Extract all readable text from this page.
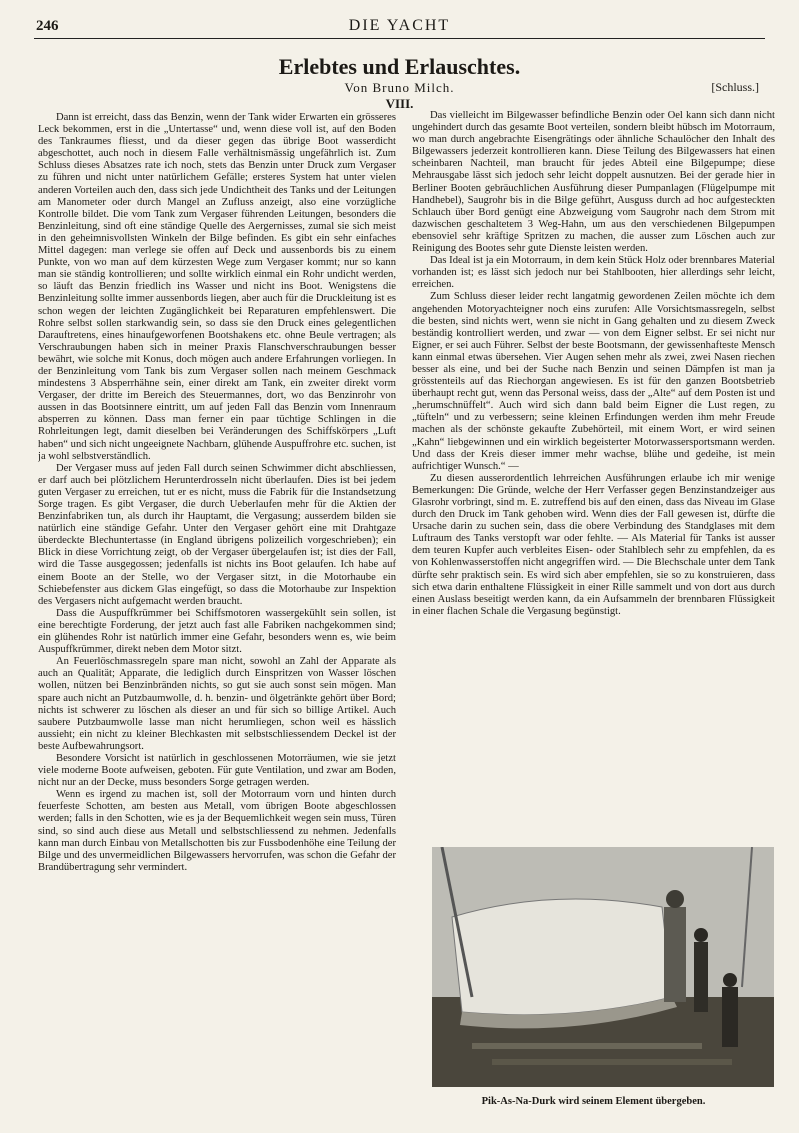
246	DIE YACHT
Erlebtes und Erlauschtes.
Von Bruno Milch.	[Schluss.]
VIII.

Dann ist erreicht, dass das Benzin, wenn der Tank wider Erwarten ein grösseres Leck bekommen, erst in die „Untertasse“ und, wenn diese voll ist, auf den Boden des Tankraumes fliesst, und da dieser gegen das übrige Boot wasserdicht abgeschottet, auch noch in diesem Falle verhältnismässig ungefährlich ist. Zum Schluss dieses Absatzes rate ich noch, stets das Benzin unter Druck zum Vergaser zu führen und nicht unter natürlichem Gefälle; ersteres System hat unter vielen anderen Vorteilen auch den, dass sich jede Undichtheit des Tanks und der Leitungen am Manometer oder durch Mangel an Zufluss anzeigt, also eine vorzügliche Kontrolle bildet. Die vom Tank zum Vergaser führenden Leitungen, besonders die Benzinleitung, sind oft eine ständige Quelle des Aergernisses, zumal sie sich meist in den geheimnisvollsten Winkeln der Bilge befinden. Es gibt ein sehr einfaches Mittel dagegen: man verlege sie offen auf Deck und aussenbords bis zu einem Punkte, von wo man auf dem kürzesten Wege zum Vergaser kommt; nur so kann man sie ständig kontrollieren; und sollte wirklich einmal ein Rohr undicht werden, so läuft das Benzin friedlich ins Wasser und nicht ins Boot. Wenigstens die Benzinleitung sollte immer aussenbords liegen, aber auch für die Druckleitung ist es schon wegen der leichten Zugänglichkeit bei Reparaturen empfehlenswert. Die Rohre selbst sollen starkwandig sein, so dass sie den Druck eines gelegentlichen Darauftretens, eines hinaufgeworfenen Bootshakens etc. ohne Beule vertragen; als Verschraubungen haben sich in meiner Praxis Flanschverschraubungen besser bewährt, wie solche mit Konus, doch mögen auch andere Erfahrungen vorliegen. In der Benzinleitung vom Tank bis zum Vergaser sollen nach meinem Geschmack mindestens 3 Absperrhähne sein, einer direkt am Tank, ein zweiter direkt vorm Vergaser, der dritte im Bereich des Steuermannes, dort, wo das Benzinrohr von aussen in das Bootsinnere eintritt, um auf jeden Fall das Benzin vom Innenraum absperren zu können. Dass man ferner ein paar tüchtige Schlingen in die Rohrleitungen legt, damit dieselben bei Veränderungen des Schiffskörpers „Luft haben“ und sich nicht ungeeignete Nachbarn, glühende Auspuffrohre etc. suchen, ist ja wohl selbstverständlich.

Der Vergaser muss auf jeden Fall durch seinen Schwimmer dicht abschliessen, er darf auch bei plötzlichem Herunterdrosseln nicht überlaufen. Dies ist bei jedem guten Vergaser zu erreichen, tut er es nicht, muss die Fabrik für die Instandsetzung Sorge tragen. Es gibt Vergaser, die durch Ueberlaufen mehr für die Aktien der Benzinfabriken tun, als durch ihr Hauptamt, die Vergasung; ausserdem bilden sie natürlich eine ständige Gefahr. Unter den Vergaser gehört eine mit Drahtgaze überdeckte Blechuntertasse (in England übrigens polizeilich vorgeschrieben); ein Blick in diese Vorrichtung zeigt, ob der Vergaser übergelaufen ist; ist dies der Fall, wird die Tasse ausgegossen; jedenfalls ist nichts ins Boot gelaufen. Ich habe auf einem Boote an der Stelle, wo der Vergaser sitzt, in die Motorhaube ein Schiebefenster aus dickem Glas eingefügt, so dass die Motorhaube zur Inspektion des Vergasers nicht aufgemacht werden braucht.

Dass die Auspuffkrümmer bei Schiffsmotoren wassergekühlt sein sollen, ist eine berechtigte Forderung, der jetzt auch fast alle Fabriken nachgekommen sind; ein glühendes Rohr ist natürlich immer eine Gefahr, besonders wenn es, wie beim Auspuffkrümmer, direkt neben dem Motor sitzt.

An Feuerlöschmassregeln spare man nicht, sowohl an Zahl der Apparate als auch an Qualität; Apparate, die lediglich durch Einspritzen von Wasser löschen wollen, nützen bei Benzinbränden nichts, so gut sie auch sonst sein mögen. Man spare auch nicht an Putzbaumwolle, d. h. benzin- und ölgetränkte gehört über Bord; nichts ist schwerer zu löschen als dieser an und für sich so billige Artikel. Auch saubere Putzbaumwolle lasse man nicht herumliegen, schon weil es hässlich aussieht; ein nicht zu kleiner Blechkasten mit selbstschliessendem Deckel ist der beste Aufbewahrungsort.

Besondere Vorsicht ist natürlich in geschlossenen Motorräumen, wie sie jetzt viele moderne Boote aufweisen, geboten. Für gute Ventilation, und zwar am Boden, nicht nur an der Decke, muss besonders Sorge getragen werden.

Wenn es irgend zu machen ist, soll der Motorraum vorn und hinten durch feuerfeste Schotten, am besten aus Metall, vom übrigen Boote abgeschlossen werden; falls in den Schotten, wie es ja der Bequemlichkeit wegen sein muss, Türen sind, so sind auch diese aus Metall und selbstschliessend zu nehmen. Jedenfalls kann man durch Einbau von Metallschotten bis zur Fussbodenhöhe eine Teilung der Bilge und des unvermeidlichen Bilgewassers hervorrufen, was schon die Gefahr der Brandübertragung sehr vermindert.

Das vielleicht im Bilgewasser befindliche Benzin oder Oel kann sich dann nicht ungehindert durch das gesamte Boot verteilen, sondern bleibt hübsch im Motorraum, wo man durch angebrachte Eisengrätings oder ähnliche Schaulöcher den Inhalt des Bilgewassers jederzeit kontrollieren kann. Diese Teilung des Bilgewassers hat einen scheinbaren Nachteil, man braucht für jedes Abteil eine Bilgepumpe; diese Mehrausgabe lässt sich jedoch sehr leicht doppelt ausnutzen. Bei der gerade hier in Berliner Booten gebräuchlichen Ausführung dieser Pumpanlagen (Flügelpumpe mit Handhebel), Saugrohr bis in die Bilge geführt, Ausguss durch ad hoc aufgesteckten Schlauch über Bord genügt eine Abzweigung vom Saugrohr nach dem Strom mit dazwischen geschaltetem 3 Weg-Hahn, um aus den verschiedenen Bilgepumpen ebensoviel sehr kräftige Spritzen zu machen, die ausser zum Löschen auch zur Reinigung des Bootes sehr gute Dienste leisten werden.

Das Ideal ist ja ein Motorraum, in dem kein Stück Holz oder brennbares Material vorhanden ist; es lässt sich jedoch nur bei Stahlbooten, hier allerdings sehr leicht, erreichen.

Zum Schluss dieser leider recht langatmig gewordenen Zeilen möchte ich dem angehenden Motoryachteigner noch eins zurufen: Alle Vorsichtsmassregeln, selbst die besten, sind nichts wert, wenn sie nicht in Gang gehalten und zu diesem Zweck beständig kontrolliert werden, und zwar — von dem Eigner selbst. Er sei nicht nur Eigner, er sei auch Führer. Selbst der beste Bootsmann, der gewissenhafteste Mensch kann einmal etwas übersehen. Vier Augen sehen mehr als zwei, zwei Nasen riechen besser als eine, und bei der Suche nach Benzin und seinen Dämpfen ist man ja grösstenteils auf das Riechorgan angewiesen. Es ist für den ganzen Bootsbetrieb überhaupt recht gut, wenn das Personal weiss, dass der „Alte“ auf dem Posten ist und „herumschnüffelt“. Auch wird sich dann bald beim Eigner die Lust regen, zu „tüfteln“ und zu verbessern; seine kleinen Erfindungen werden ihm mehr Freude machen als der schönste gekaufte Zubehörteil, mit einem Wort, er wird seinen „Kahn“ liebgewinnen und ein wirklich begeisterter Motorwassersportsmann werden. Und dass der Kreis dieser immer mehr wachse, blühe und gedeihe, ist mein aufrichtiger Wunsch.“ —

Zu diesen ausserordentlich lehrreichen Ausführungen erlaube ich mir wenige Bemerkungen: Die Gründe, welche der Herr Verfasser gegen Benzinstandzeiger aus Glasrohr vorbringt, sind m. E. zutreffend bis auf den einen, dass das Niveau im Glase durch den Druck im Tank gehoben wird. Wenn dies der Fall gewesen ist, dürfte die Ursache darin zu suchen sein, dass die obere Verbindung des Standglases mit dem Luftraum des Tanks verstopft war oder fehlte. — Als Material für Tanks ist ausser dem teuren Kupfer auch verbleites Eisen- oder Stahlblech sehr zu empfehlen, da es von Kohlenwasserstoffen nicht angegriffen wird. — Die Blechschale unter dem Tank dürfte sehr praktisch sein. Es wird sich aber empfehlen, sie so zu konstruieren, dass sich etwa darin enthaltene Flüssigkeit in einer Rille sammelt und von dort aus durch einen Auslass beseitigt werden kann, da ein Aufsammeln der brennbaren Flüssigkeit in einer flachen Schale die Vergasung begünstigt.

Pik-As-Na-Durk wird seinem Element übergeben.
